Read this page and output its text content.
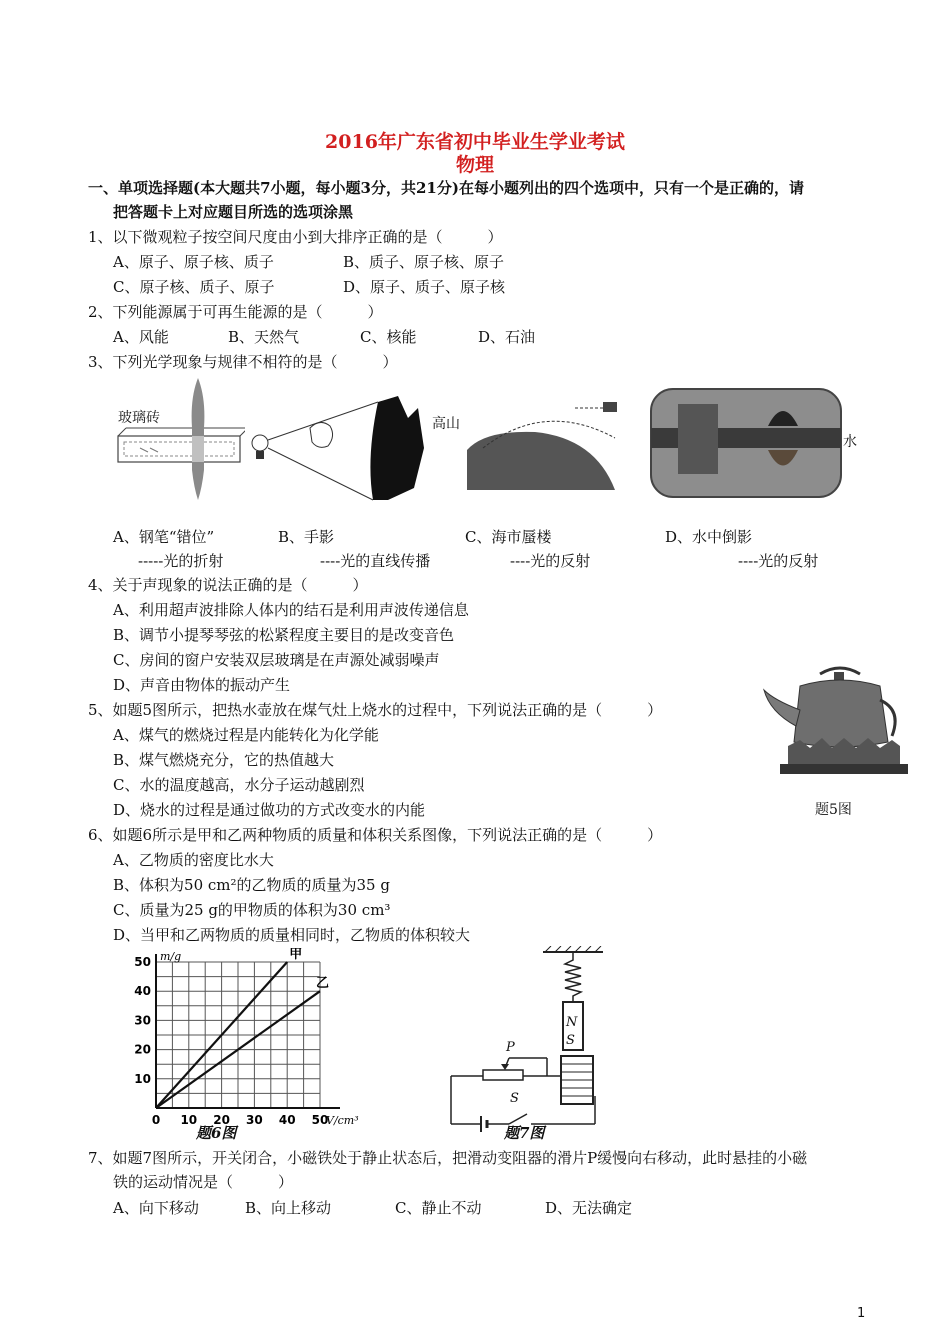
2016年广东省初中毕业生学业考试
物理
一、单项选择题(本大题共7小题，每小题3分，共21分)在每小题列出的四个选项中，只有一个是正确的，请
把答题卡上对应题目所选的选项涂黑
1、以下微观粒子按空间尺度由小到大排序正确的是（　　　）
A、原子、原子核、质子	B、质子、原子核、原子
C、原子核、质子、原子	D、原子、质子、原子核
2、下列能源属于可再生能源的是（　　　）
A、风能	B、天然气	C、核能	D、石油
3、下列光学现象与规律不相符的是（　　　）
玻璃砖	高山
水
A、钢笔“错位”	B、手影	C、海市蜃楼	D、水中倒影
-----光的折射	----光的直线传播	----光的反射	----光的反射
4、关于声现象的说法正确的是（　　　）
A、利用超声波排除人体内的结石是利用声波传递信息
B、调节小提琴琴弦的松紧程度主要目的是改变音色
C、房间的窗户安装双层玻璃是在声源处减弱噪声
D、声音由物体的振动产生
题5图
5、如题5图所示，把热水壶放在煤气灶上烧水的过程中，下列说法正确的是（　　　）
A、煤气的燃烧过程是内能转化为化学能
B、煤气燃烧充分，它的热值越大
C、水的温度越高，水分子运动越剧烈
D、烧水的过程是通过做功的方式改变水的内能
6、如题6所示是甲和乙两种物质的质量和体积关系图像，下列说法正确的是（　　　）
A、乙物质的密度比水大
B、体积为50 cm²的乙物质的质量为35 g
C、质量为25 g的甲物质的体积为30 cm³
D、当甲和乙两物质的质量相同时，乙物质的体积较大
甲
乙
0 10 20 30 40 50
10
20
30
40
50
V/cm³
m/g
N
S
P
S
题7图
题6图
7、如题7图所示，开关闭合，小磁铁处于静止状态后，把滑动变阻器的滑片P缓慢向右移动，此时悬挂的小磁
铁的运动情况是（　　　）
A、向下移动	B、向上移动	C、静止不动	D、无法确定
1
